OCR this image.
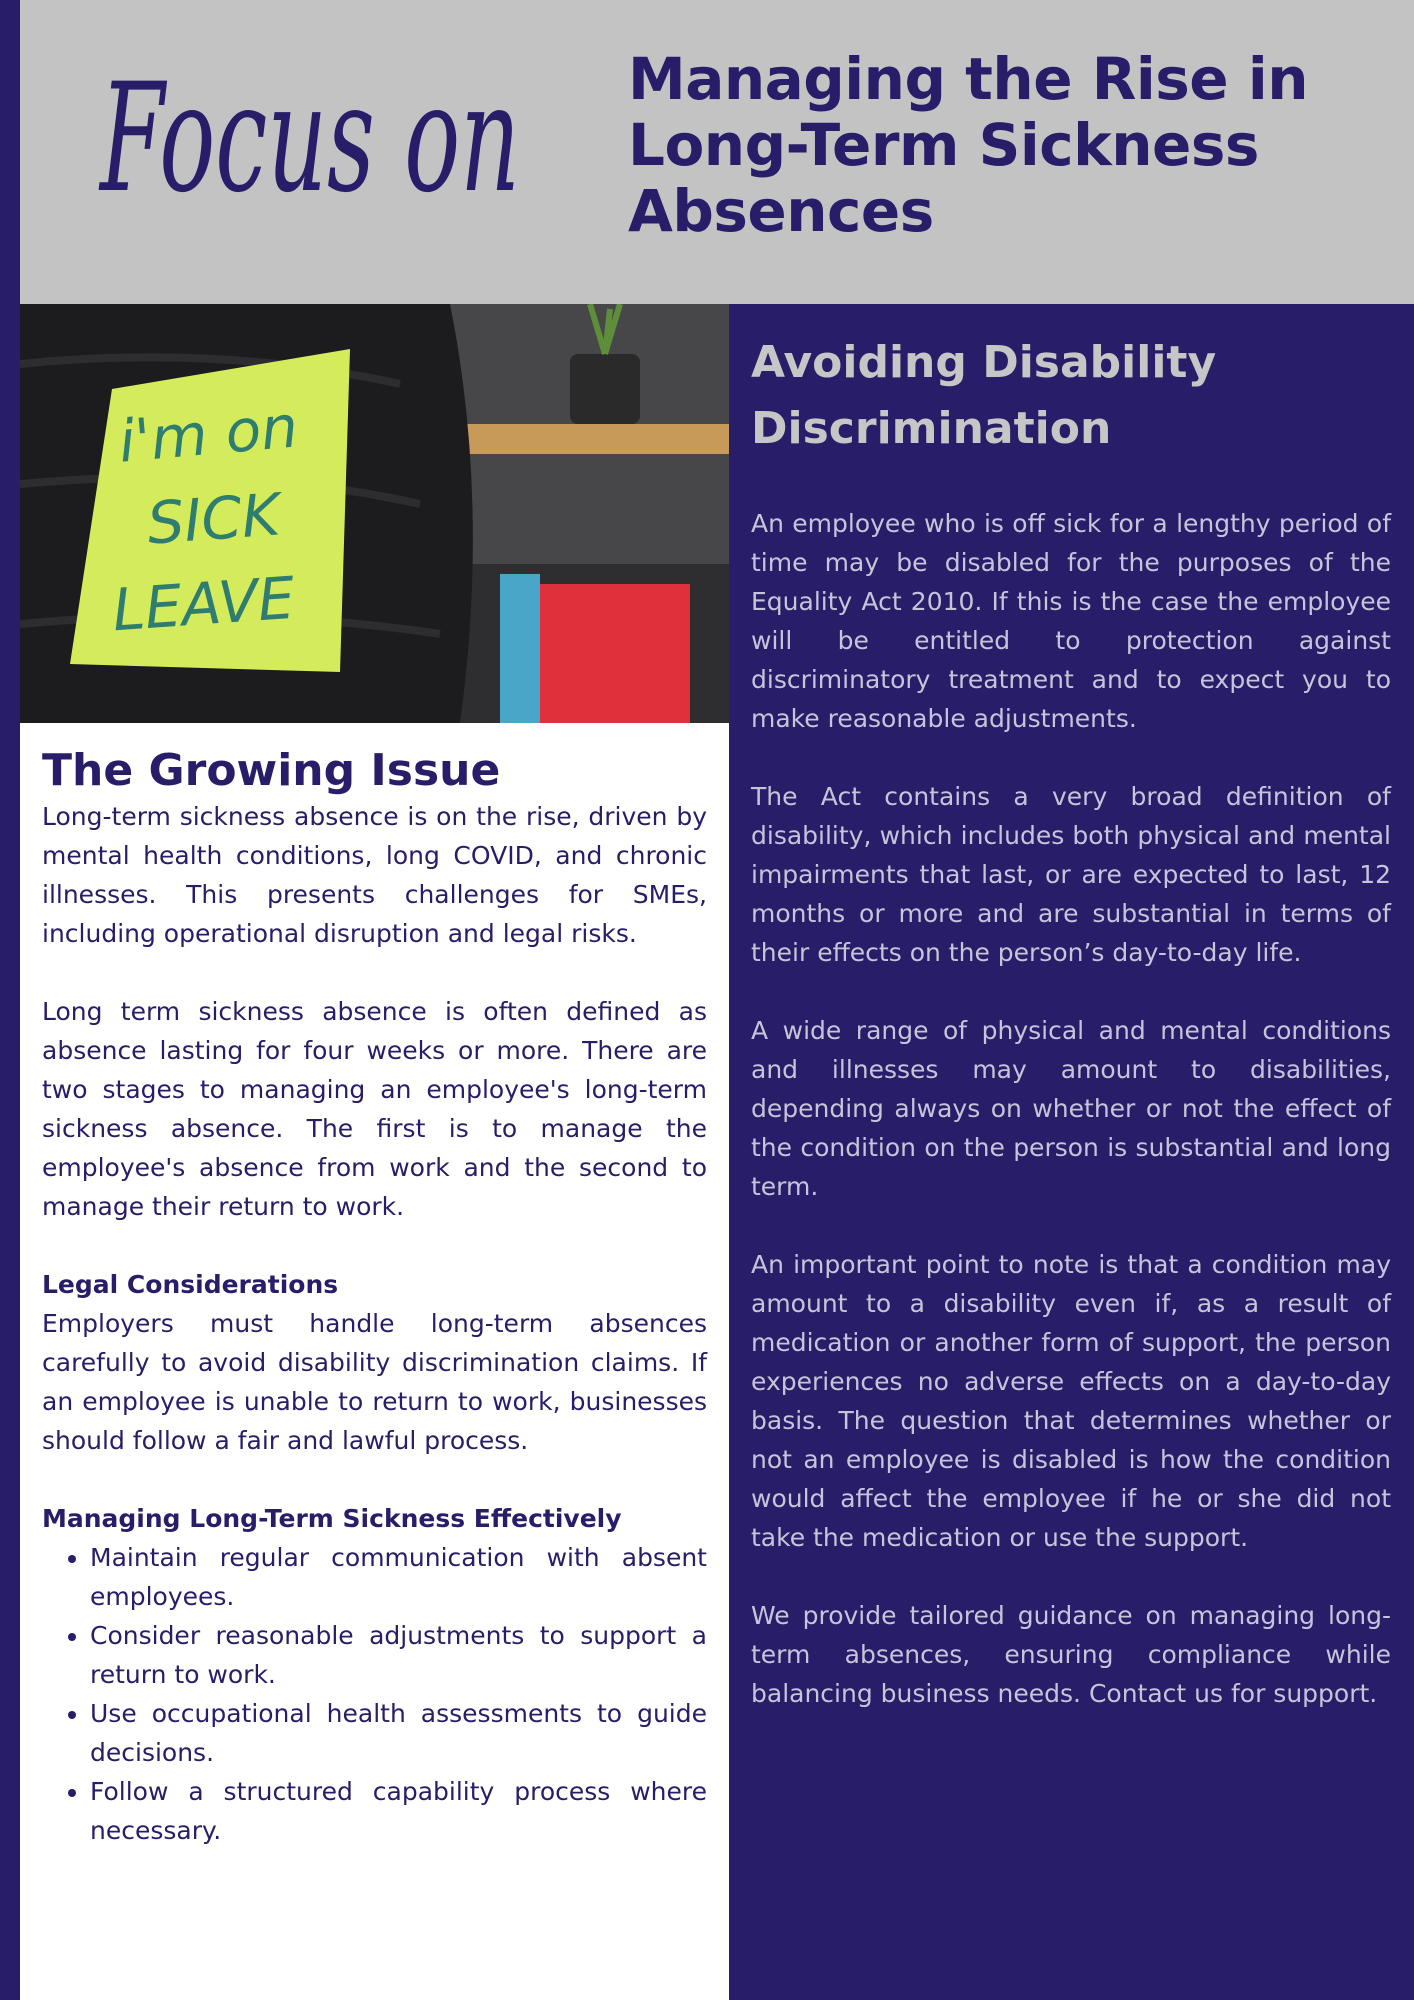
Focus on Managing the Rise in Long-Term Sickness Absences
i'm on
SICK
LEAVE
The Growing Issue

Long-term sickness absence is on the rise, driven by mental health conditions, long COVID, and chronic illnesses. This presents challenges for SMEs, including operational disruption and legal risks.

Long term sickness absence is often defined as absence lasting for four weeks or more. There are two stages to managing an employee's long-term sickness absence. The first is to manage the employee's absence from work and the second to manage their return to work.

Legal Considerations

Employers must handle long-term absences carefully to avoid disability discrimination claims. If an employee is unable to return to work, businesses should follow a fair and lawful process.

Managing Long-Term Sickness Effectively
• Maintain regular communication with absent employees.
• Consider reasonable adjustments to support a return to work.
• Use occupational health assessments to guide decisions.
• Follow a structured capability process where necessary.
Avoiding Disability Discrimination

An employee who is off sick for a lengthy period of time may be disabled for the purposes of the Equality Act 2010. If this is the case the employee will be entitled to protection against discriminatory treatment and to expect you to make reasonable adjustments.

The Act contains a very broad definition of disability, which includes both physical and mental impairments that last, or are expected to last, 12 months or more and are substantial in terms of their effects on the person’s day-to-day life.

A wide range of physical and mental conditions and illnesses may amount to disabilities, depending always on whether or not the effect of the condition on the person is substantial and long term.

An important point to note is that a condition may amount to a disability even if, as a result of medication or another form of support, the person experiences no adverse effects on a day-to-day basis. The question that determines whether or not an employee is disabled is how the condition would affect the employee if he or she did not take the medication or use the support.

We provide tailored guidance on managing long-term absences, ensuring compliance while balancing business needs. Contact us for support.
